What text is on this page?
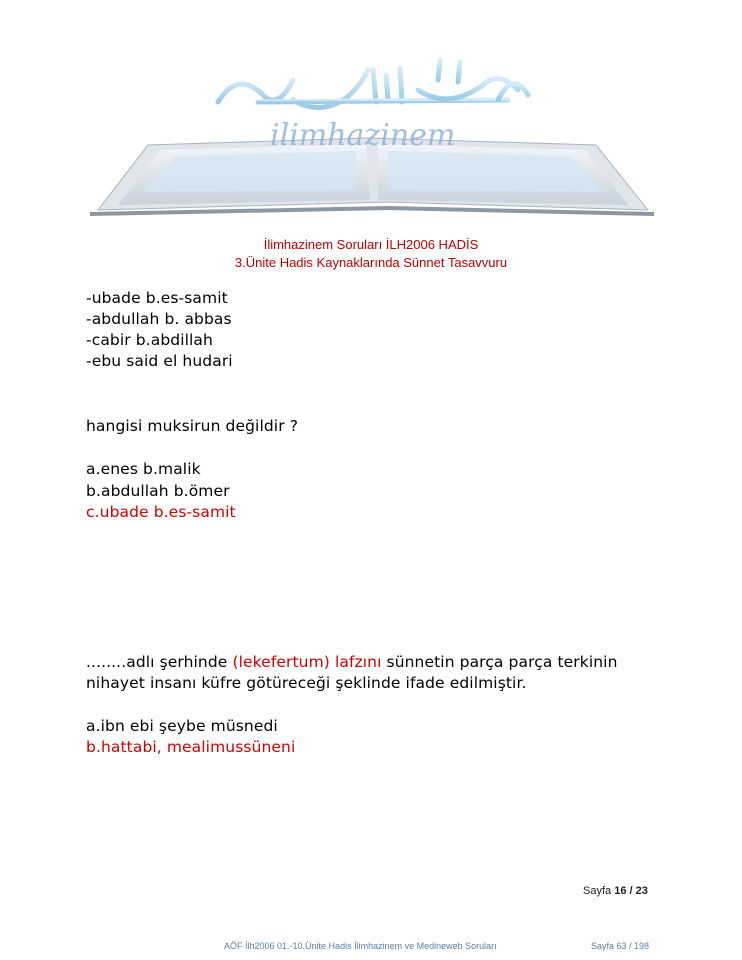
ilimhazinem
İlimhazinem Soruları İLH2006 HADİS
3.Ünite Hadis Kaynaklarında Sünnet Tasavvuru
-ubade b.es-samit
-abdullah b. abbas
-cabir b.abdillah
-ebu said el hudari
hangisi muksirun değildir ?
a.enes b.malik
b.abdullah b.ömer
c.ubade b.es-samit
........adlı şerhinde (lekefertum) lafzını sünnetin parça parça terkinin
nihayet insanı küfre götüreceği şeklinde ifade edilmiştir.
a.ibn ebi şeybe müsnedi
b.hattabi, mealimussüneni
Sayfa 16 / 23
AÖF İlh2006 01.-10.Ünite Hadis İlimhazinem ve Medineweb Soruları	Sayfa 63 / 198
